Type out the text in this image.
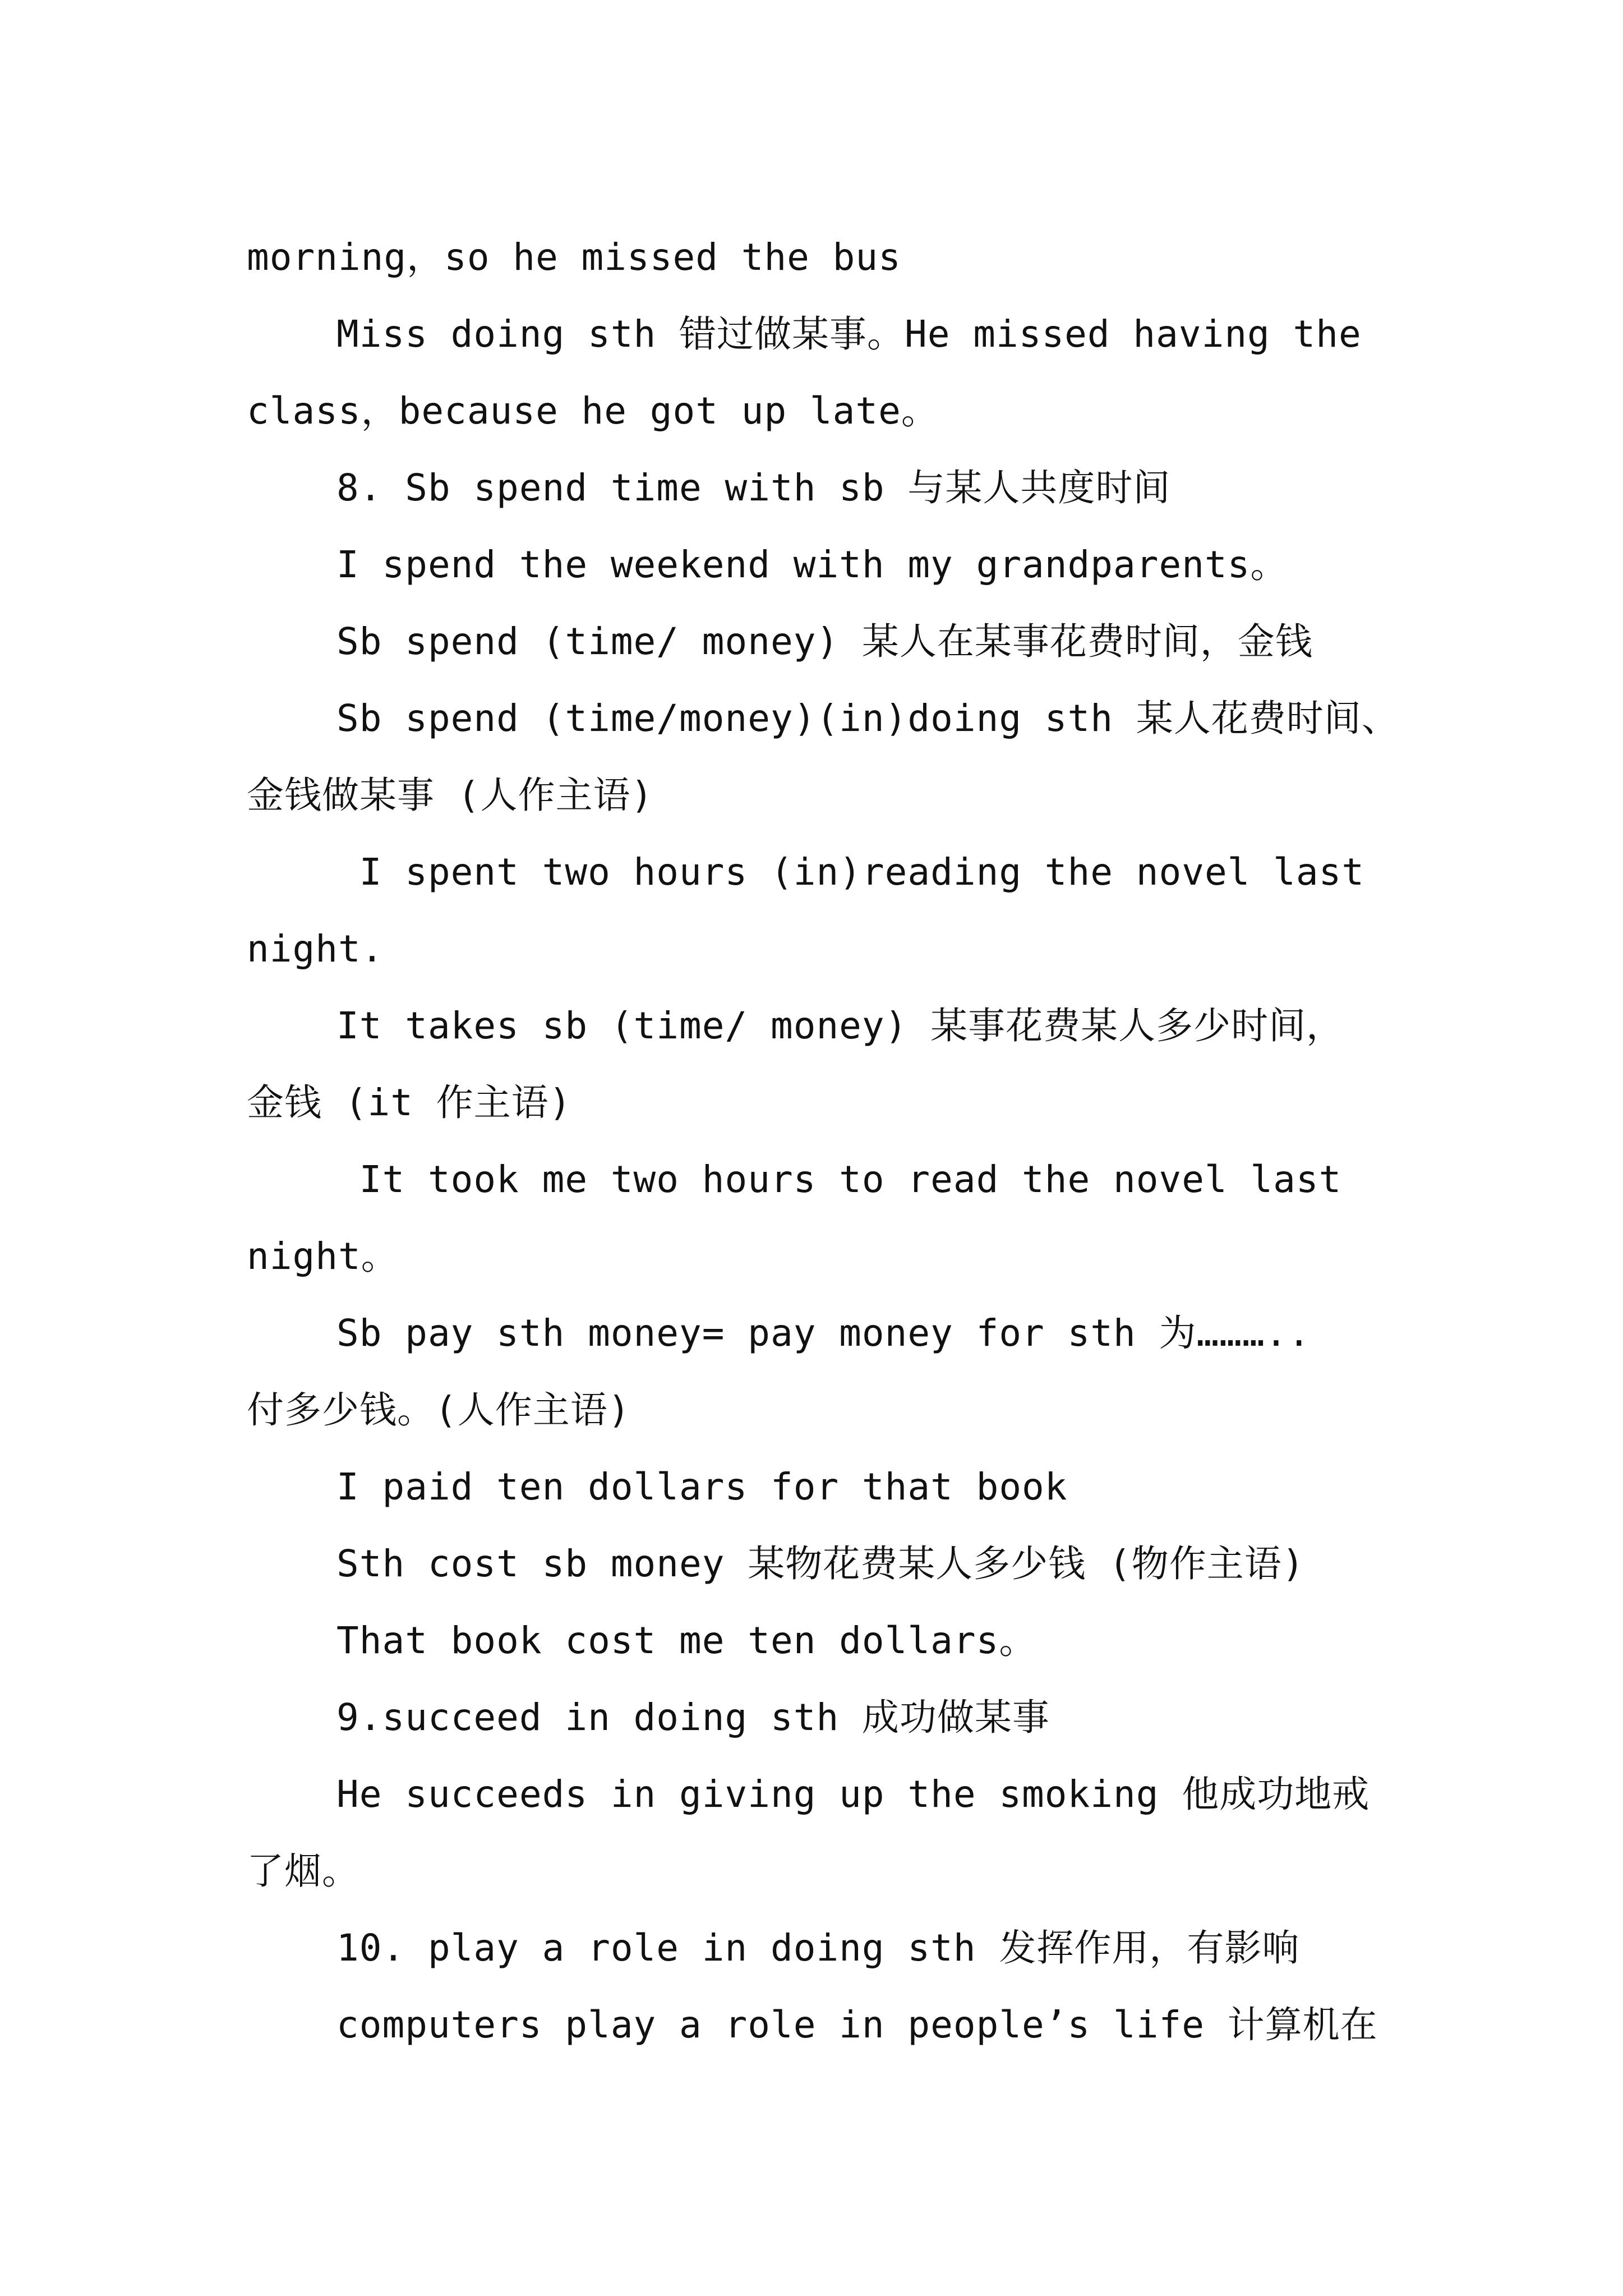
morning，so he missed the bus
Miss doing sth 错过做某事。He missed having the
class，because he got up late。
8. Sb spend time with sb 与某人共度时间
I spend the weekend with my grandparents。
Sb spend (time/ money) 某人在某事花费时间，金钱
Sb spend (time/money)(in)doing sth 某人花费时间、
金钱做某事 (人作主语)
I spent two hours (in)reading the novel last
night.
It takes sb (time/ money) 某事花费某人多少时间，
金钱 (it 作主语)
It took me two hours to read the novel last
night。
Sb pay sth money= pay money for sth 为………..
付多少钱。(人作主语)
I paid ten dollars for that book
Sth cost sb money 某物花费某人多少钱 (物作主语)
That book cost me ten dollars。
9.succeed in doing sth 成功做某事
He succeeds in giving up the smoking 他成功地戒
了烟。
10. play a role in doing sth 发挥作用，有影响
computers play a role in people’s life 计算机在
